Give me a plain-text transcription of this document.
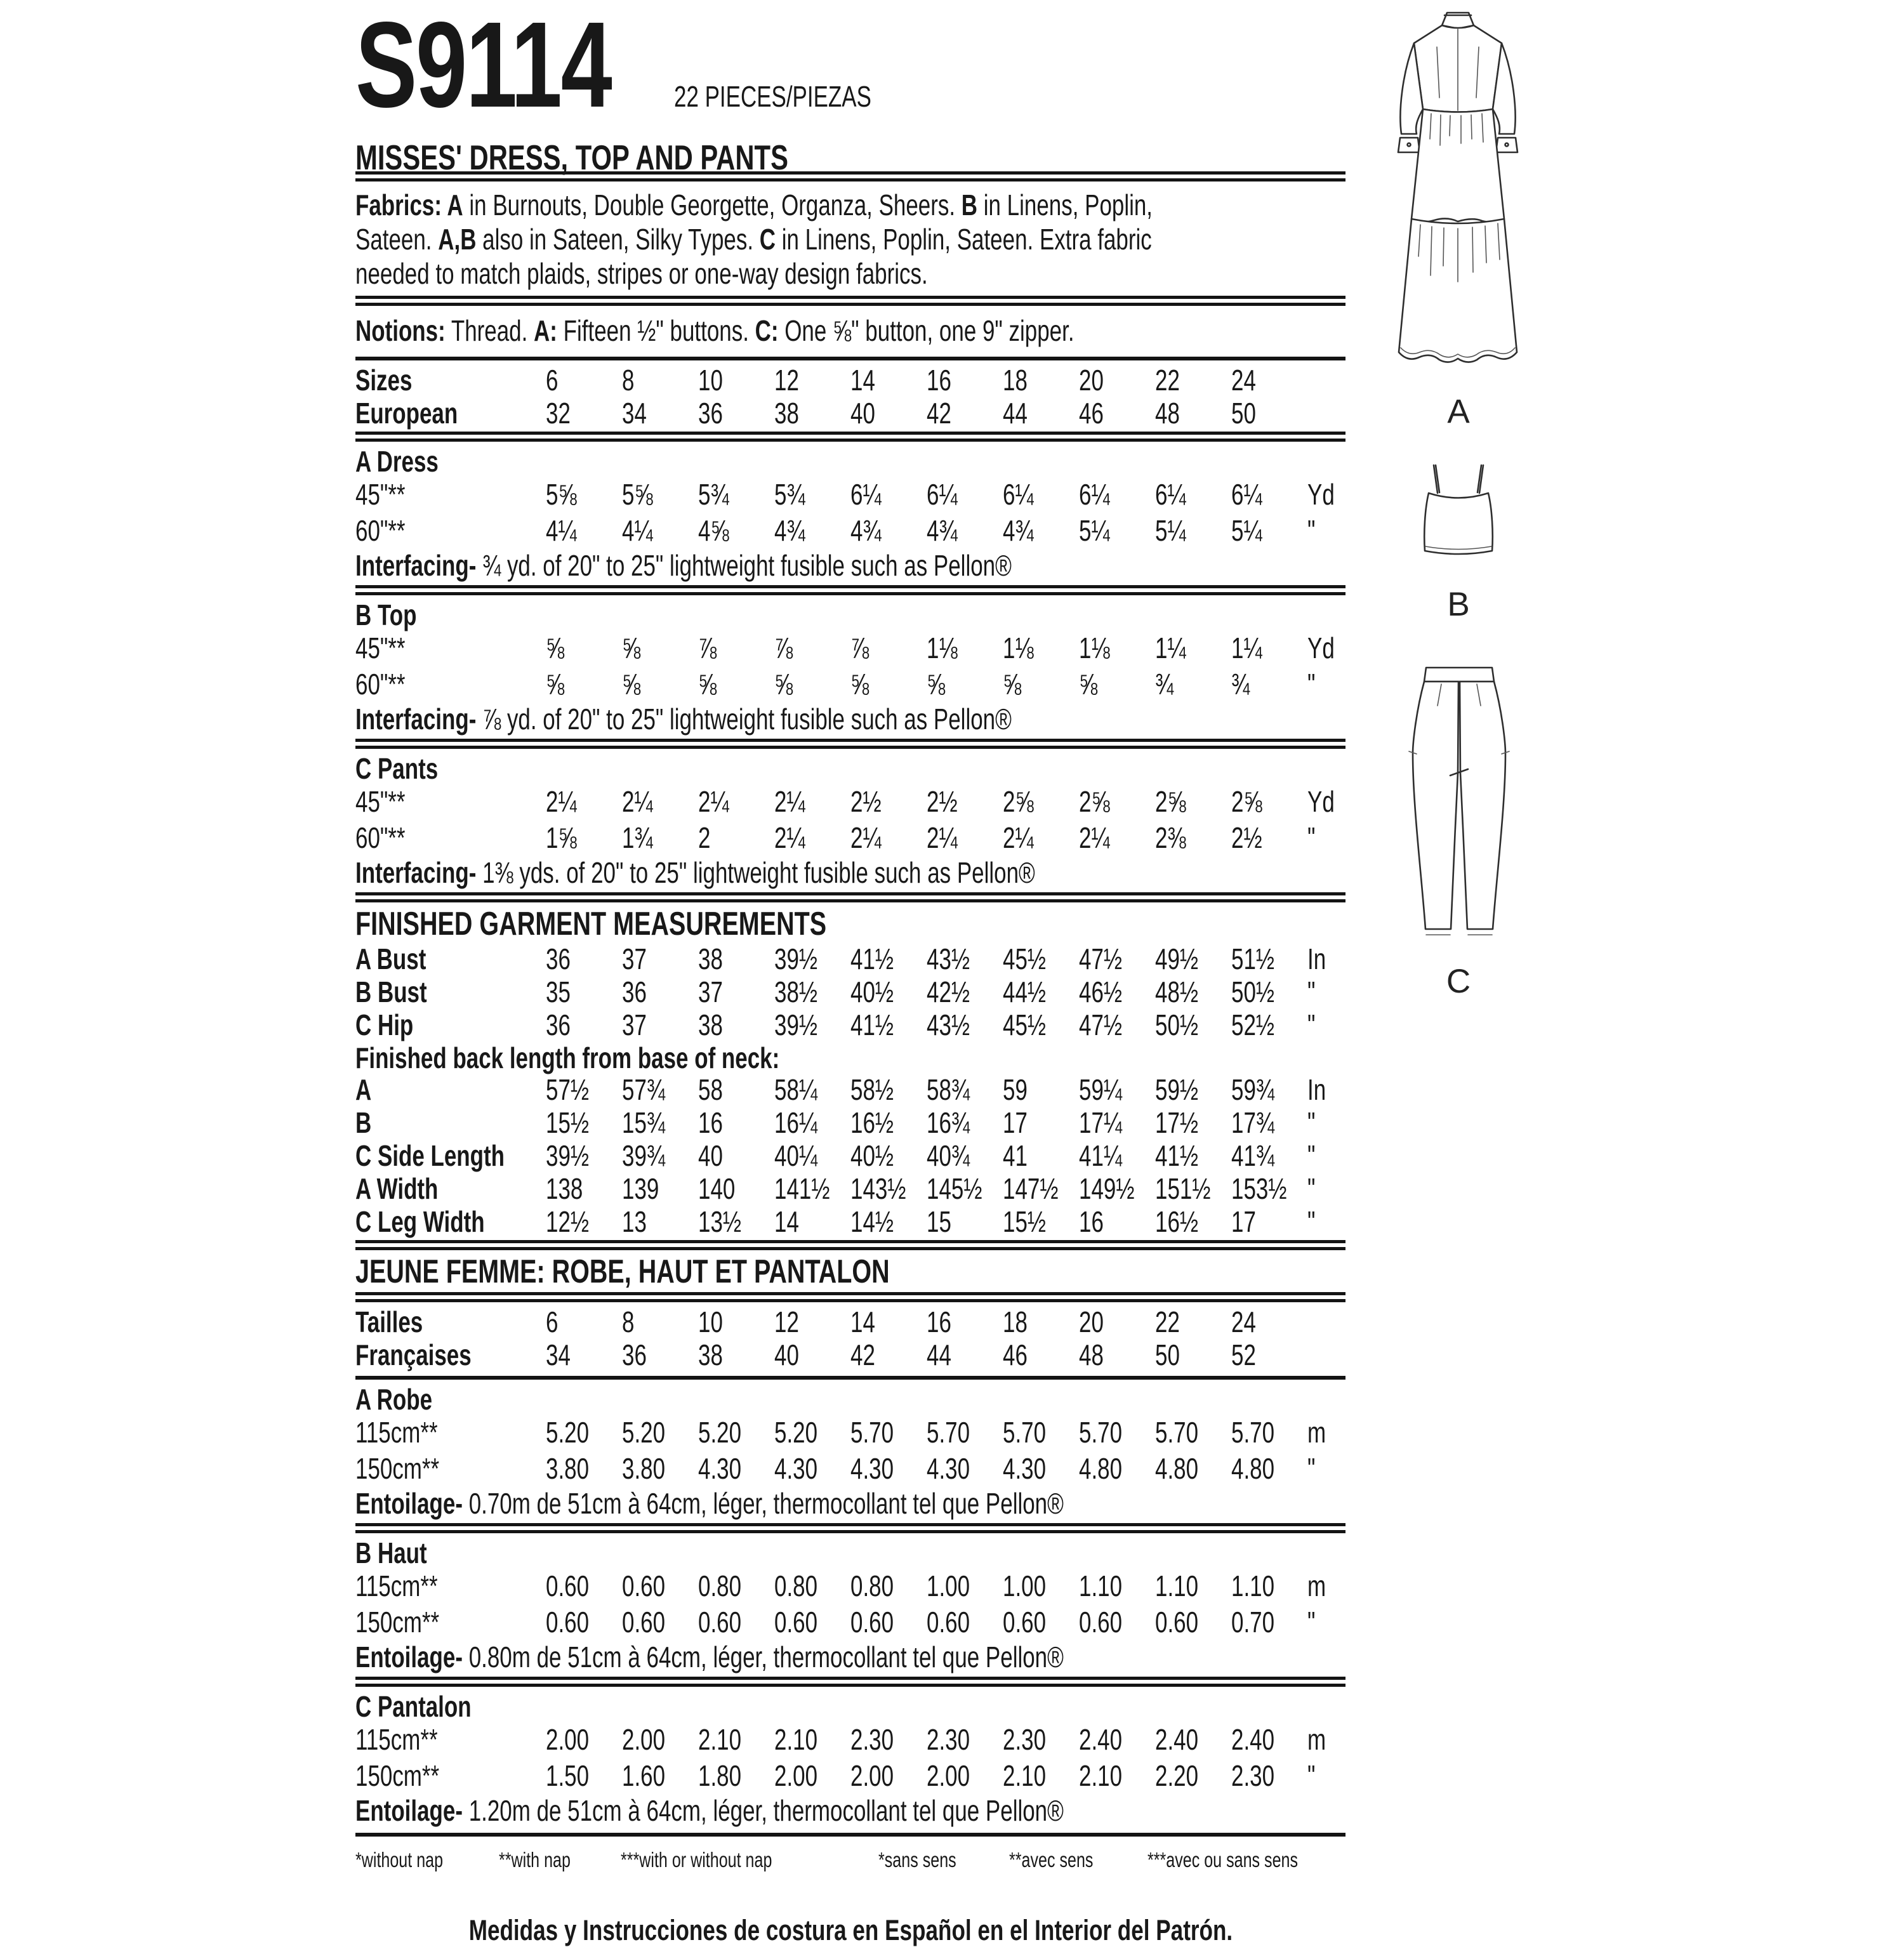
S9114	22 PIECES/PIEZAS
MISSES' DRESS, TOP AND PANTS
Fabrics: A in Burnouts, Double Georgette, Organza, Sheers. B in Linens, Poplin,
Sateen. A,B also in Sateen, Silky Types. C in Linens, Poplin, Sateen. Extra fabric
needed to match plaids, stripes or one-way design fabrics.
Notions: Thread. A: Fifteen ½" buttons. C: One ⅝" button, one 9" zipper.
Sizes	6	8	10	12	14	16	18	20	22	24
European	32	34	36	38	40	42	44	46	48	50
A Dress
45"**	5⅝	5⅝	5¾	5¾	6¼	6¼	6¼	6¼	6¼	6¼	Yd
60"**	4¼	4¼	4⅝	4¾	4¾	4¾	4¾	5¼	5¼	5¼	"
Interfacing- ¾ yd. of 20" to 25" lightweight fusible such as Pellon®
B Top
45"**	⅝	⅝	⅞	⅞	⅞	1⅛	1⅛	1⅛	1¼	1¼	Yd
60"**	⅝	⅝	⅝	⅝	⅝	⅝	⅝	⅝	¾	¾	"
Interfacing- ⅞ yd. of 20" to 25" lightweight fusible such as Pellon®
C Pants
45"**	2¼	2¼	2¼	2¼	2½	2½	2⅝	2⅝	2⅝	2⅝	Yd
60"**	1⅝	1¾	2	2¼	2¼	2¼	2¼	2¼	2⅜	2½	"
Interfacing- 1⅜ yds. of 20" to 25" lightweight fusible such as Pellon®
FINISHED GARMENT MEASUREMENTS
A Bust	36	37	38	39½	41½	43½	45½	47½	49½	51½	In
B Bust	35	36	37	38½	40½	42½	44½	46½	48½	50½	"
C Hip	36	37	38	39½	41½	43½	45½	47½	50½	52½	"
Finished back length from base of neck:
A	57½	57¾	58	58¼	58½	58¾	59	59¼	59½	59¾	In
B	15½	15¾	16	16¼	16½	16¾	17	17¼	17½	17¾	"
C Side Length	39½	39¾	40	40¼	40½	40¾	41	41¼	41½	41¾	"
A Width	138	139	140	141½ 143½ 145½ 147½ 149½ 151½ 153½ "
C Leg Width	12½	13	13½	14	14½	15	15½	16	16½	17	"
JEUNE FEMME: ROBE, HAUT ET PANTALON
Tailles	6	8	10	12	14	16	18	20	22	24
Françaises	34	36	38	40	42	44	46	48	50	52
A Robe
115cm**	5.20	5.20	5.20	5.20	5.70	5.70	5.70	5.70	5.70	5.70	m
150cm**	3.80	3.80	4.30	4.30	4.30	4.30	4.30	4.80	4.80	4.80	"
Entoilage- 0.70m de 51cm à 64cm, léger, thermocollant tel que Pellon®
B Haut
115cm**	0.60	0.60	0.80	0.80	0.80	1.00	1.00	1.10	1.10	1.10	m
150cm**	0.60	0.60	0.60	0.60	0.60	0.60	0.60	0.60	0.60	0.70	"
Entoilage- 0.80m de 51cm à 64cm, léger, thermocollant tel que Pellon®
C Pantalon
115cm**	2.00	2.00	2.10	2.10	2.30	2.30	2.30	2.40	2.40	2.40	m
150cm**	1.50	1.60	1.80	2.00	2.00	2.00	2.10	2.10	2.20	2.30	"
Entoilage- 1.20m de 51cm à 64cm, léger, thermocollant tel que Pellon®
*without nap	**with nap ***with or without nap	*sans sens	**avec sens	***avec ou sans sens
Medidas y Instrucciones de costura en Español en el Interior del Patrón.
A
B
C
